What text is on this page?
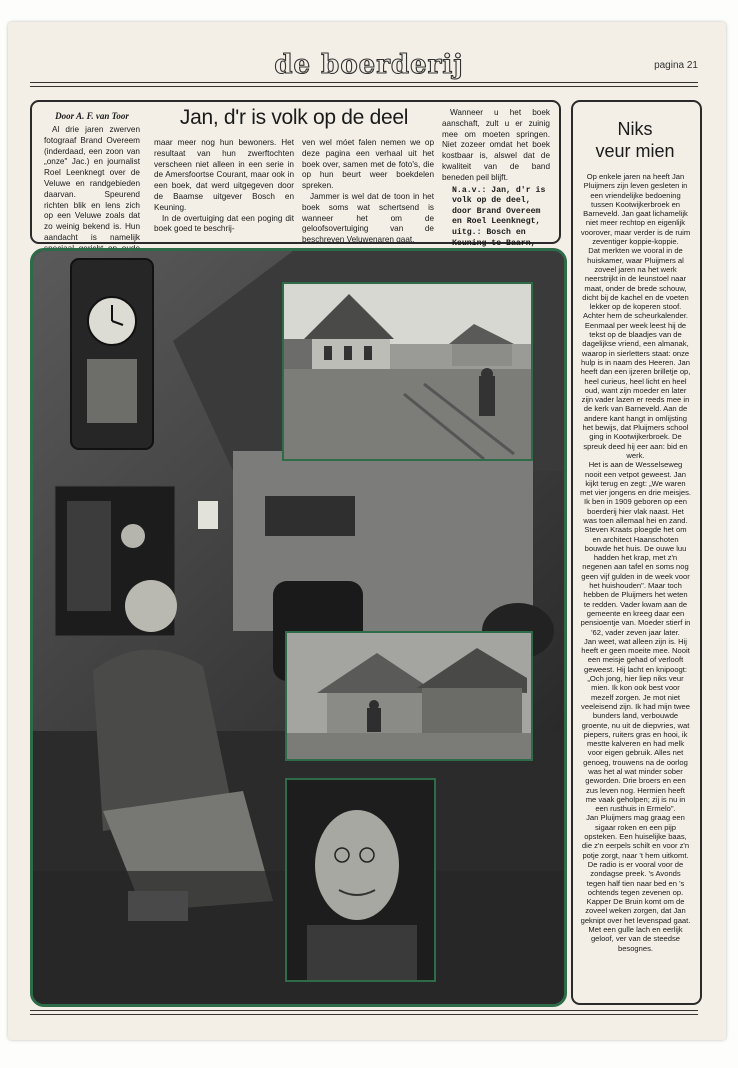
de boerderij	pagina 21
Door A. F. van Toor

Al drie jaren zwerven fotograaf Brand Overeem (inderdaad, een zoon van „onze" Jac.) en journalist Roel Leenknegt over de Veluwe en randgebieden daarvan. Speurend richten blik en lens zich op een Veluwe zoals dat zo weinig bekend is. Hun aandacht is namelijk

Jan, d'r is volk op de deel

maar meer nog hun bewoners. Het resultaat van hun zwerftochten verscheen niet alleen in een serie in de Amersfoortse Courant, maar ook in een boek, dat werd uitgegeven door de Baamse uitgever Bosch en Keuning.

In de overtuiging dat een poging dit boek goed te beschrij-

ven wel móet falen nemen we op deze pagina een verhaal uit het boek over, samen met de foto's, die op hun beurt weer boekdelen spreken.

Jammer is wel dat de toon in het boek soms wat schertsend is wanneer het om de geloofsovertuiging van de beschreven Veluwenaren gaat.

Wanneer u het boek aanschaft, zult u er zuinig mee om moeten springen. Niet zozeer omdat het boek kostbaar is, alswel dat de kwaliteit van de band beneden peil blijft.

N.a.v.: Jan, d'r is volk op de deel, door Brand Overeem en Roel Leenknegt, uitg.: Bosch en Keuning te Baarn,
Niks
veur mien

Op enkele jaren na heeft Jan Pluijmers zijn leven gesleten in een vriendelijke bedoening tussen Kootwijkerbroek en Barneveld. Jan gaat lichamelijk niet meer rechtop en eigenlijk voorover, maar verder is de ruim zeventiger koppie-koppie.

Dat merkten we vooral in de huiskamer, waar Pluijmers al zoveel jaren na het werk neerstrijkt in de leunstoel naar maat, onder de brede schouw, dicht bij de kachel en de voeten lekker op de koperen stoof. Achter hem de scheurkalender.

Eenmaal per week leest hij de tekst op de blaadjes van de dagelijkse vriend, een almanak, waarop in sierletters staat: onze hulp is in naam des Heeren. Jan heeft dan een ijzeren brilletje op, heel curieus, heel licht en heel oud, want zijn moeder en later zijn vader lazen er reeds mee in de kerk van Barneveld. Aan de andere kant hangt in omlijsting het bewijs, dat Pluijmers school ging in Kootwijkerbroek. De spreuk deed hij eer aan: bid en werk.

Het is aan de Wesselseweg nooit een vetpot geweest. Jan kijkt terug en zegt: „We waren met vier jongens en drie meisjes. Ik ben in 1909 geboren op een boerderij hier vlak naast. Het was toen allemaal hei en zand. Steven Kraats ploegde het om en architect Haanschoten bouwde het huis. De ouwe luu hadden het krap, met z'n negenen aan tafel en soms nog geen vijf gulden in de week voor het huishouden". Maar toch hebben de Pluijmers het weten te redden. Vader kwam aan de gemeente en kreeg daar een pensioentje van. Moeder stierf in '62, vader zeven jaar later.

Jan weet, wat alleen zijn is. Hij heeft er geen moeite mee. Nooit een meisje gehad of verlooft geweest. Hij lacht en knipoogt: „Och jong, hier liep niks veur mien. Ik kon ook best voor mezelf zorgen. Je mot niet veeleisend zijn. Ik had mijn twee bunders land, verbouwde groente, nu uit de diepvries, wat piepers, ruiters gras en hooi, ik mestte kalveren en had melk voor eigen gebruik. Alles net genoeg, trouwens na de oorlog was het al wat minder sober geworden. Drie broers en een zus leven nog. Hermien heeft me vaak geholpen; zij is nu in een rusthuis in Ermelo".

Jan Pluijmers mag graag een sigaar roken en een pijp opsteken. Een huiselijke baas, die z'n eerpels schilt en voor z'n potje zorgt, naar 't hem uitkomt. De radio is er vooral voor de zondagse preek. 's Avonds tegen half tien naar bed en 's ochtends tegen zevenen op. Kapper De Bruin komt om de zoveel weken zorgen, dat Jan geknipt over het levenspad gaat. Met een gulle lach en eerlijk geloof, ver van de steedse besognes.
